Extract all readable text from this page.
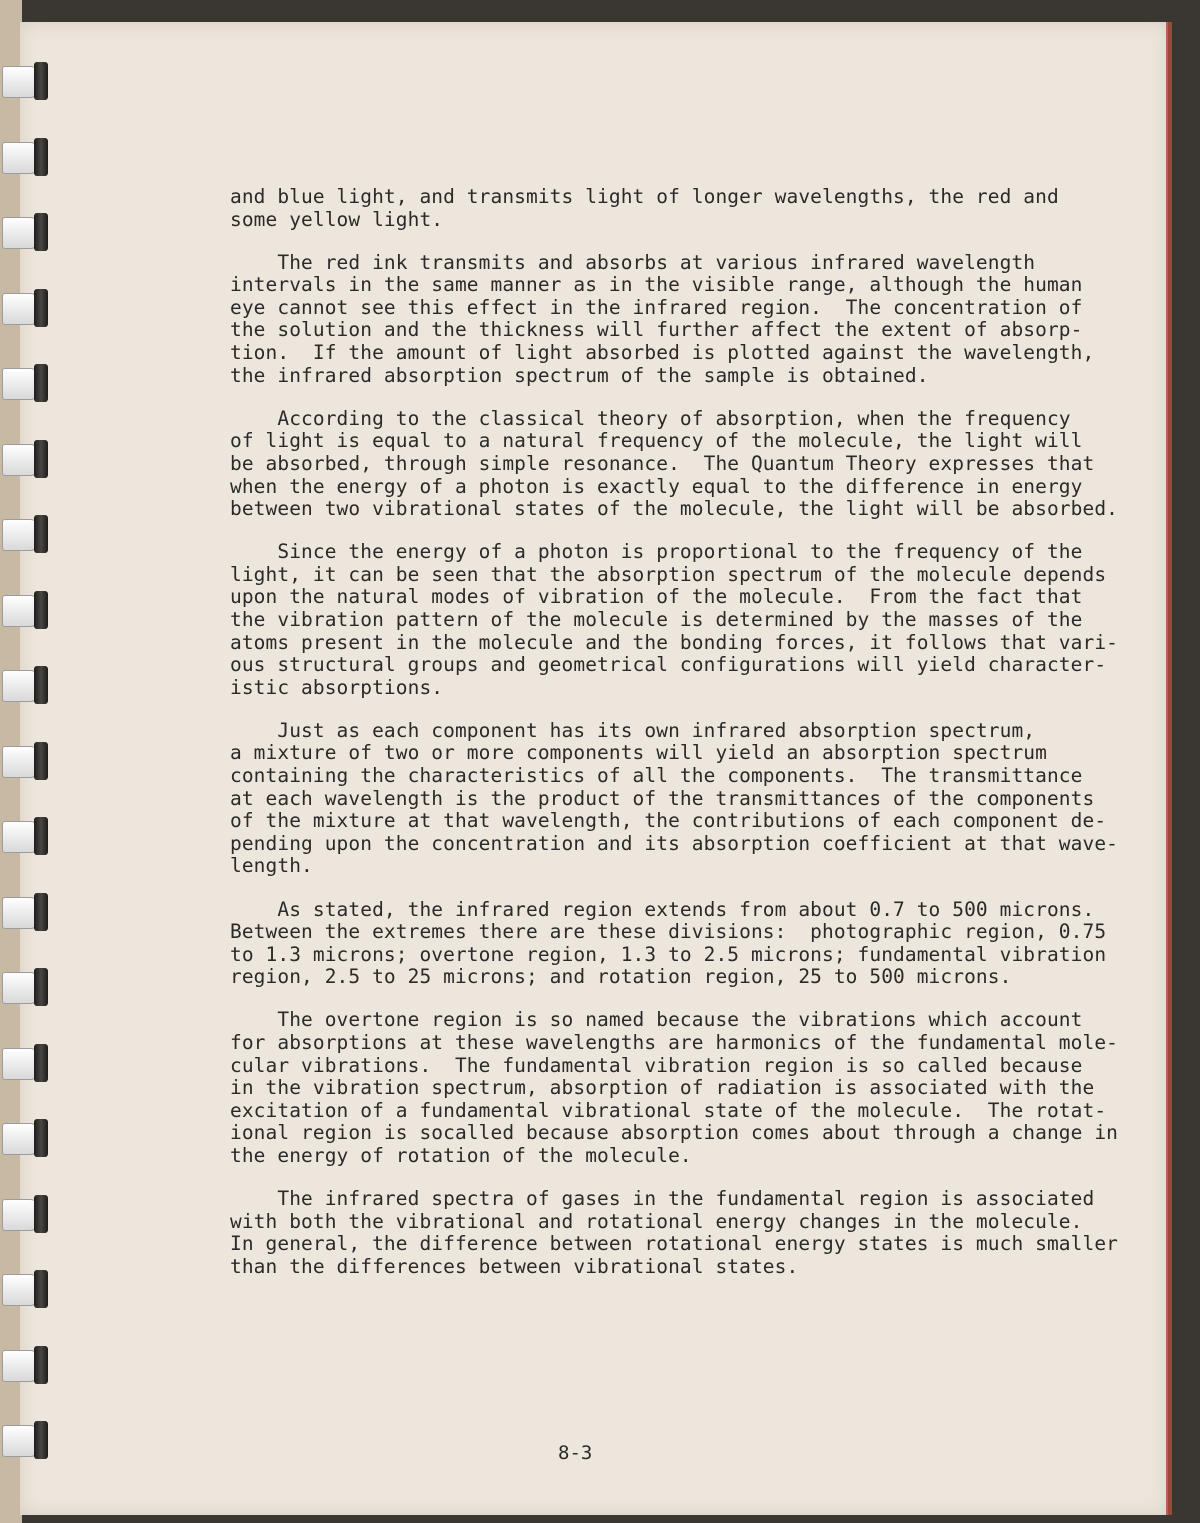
and blue light, and transmits light of longer wavelengths, the red and
some yellow light.
The red ink transmits and absorbs at various infrared wavelength
intervals in the same manner as in the visible range, although the human
eye cannot see this effect in the infrared region.  The concentration of
the solution and the thickness will further affect the extent of absorp-
tion.  If the amount of light absorbed is plotted against the wavelength,
the infrared absorption spectrum of the sample is obtained.
According to the classical theory of absorption, when the frequency
of light is equal to a natural frequency of the molecule, the light will
be absorbed, through simple resonance.  The Quantum Theory expresses that
when the energy of a photon is exactly equal to the difference in energy
between two vibrational states of the molecule, the light will be absorbed.
Since the energy of a photon is proportional to the frequency of the
light, it can be seen that the absorption spectrum of the molecule depends
upon the natural modes of vibration of the molecule.  From the fact that
the vibration pattern of the molecule is determined by the masses of the
atoms present in the molecule and the bonding forces, it follows that vari-
ous structural groups and geometrical configurations will yield character-
istic absorptions.
Just as each component has its own infrared absorption spectrum,
a mixture of two or more components will yield an absorption spectrum
containing the characteristics of all the components.  The transmittance
at each wavelength is the product of the transmittances of the components
of the mixture at that wavelength, the contributions of each component de-
pending upon the concentration and its absorption coefficient at that wave-
length.
As stated, the infrared region extends from about 0.7 to 500 microns.
Between the extremes there are these divisions:  photographic region, 0.75
to 1.3 microns; overtone region, 1.3 to 2.5 microns; fundamental vibration
region, 2.5 to 25 microns; and rotation region, 25 to 500 microns.
The overtone region is so named because the vibrations which account
for absorptions at these wavelengths are harmonics of the fundamental mole-
cular vibrations.  The fundamental vibration region is so called because
in the vibration spectrum, absorption of radiation is associated with the
excitation of a fundamental vibrational state of the molecule.  The rotat-
ional region is socalled because absorption comes about through a change in
the energy of rotation of the molecule.
The infrared spectra of gases in the fundamental region is associated
with both the vibrational and rotational energy changes in the molecule.
In general, the difference between rotational energy states is much smaller
than the differences between vibrational states.
8-3
